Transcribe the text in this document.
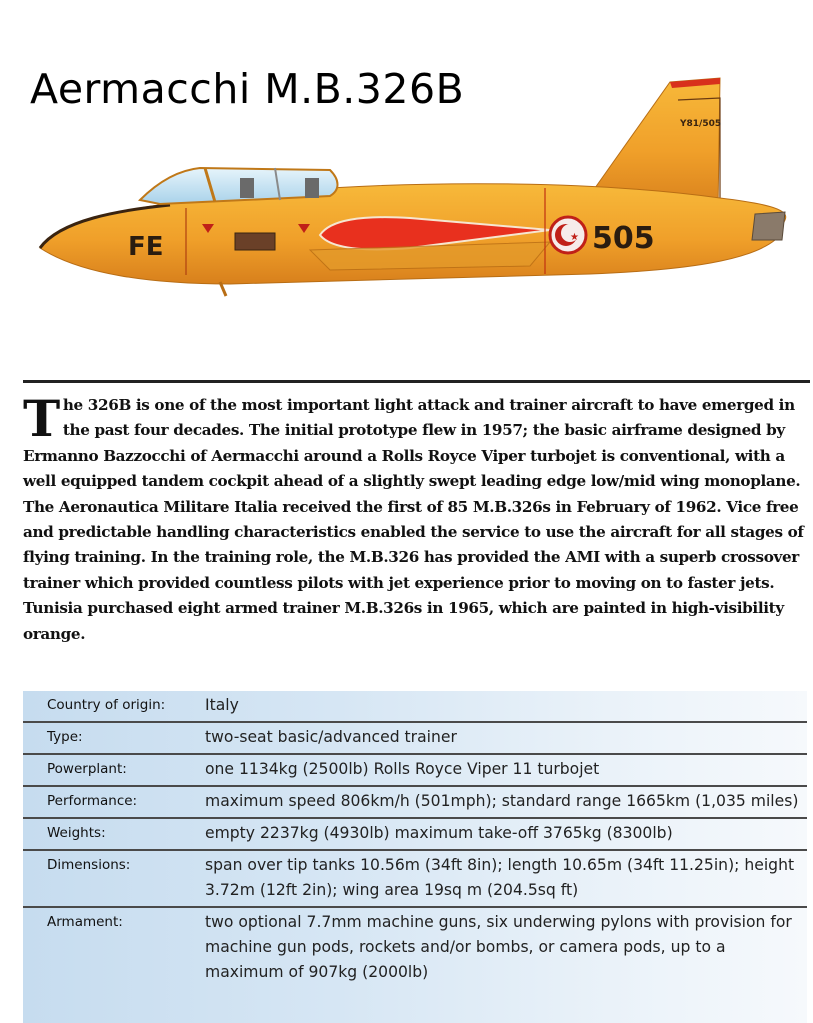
Aermacchi M.B.326B
Y81/505
FE	★ 505
The 326B is one of the most important light attack and trainer aircraft to have emerged in the past four decades. The initial prototype flew in 1957; the basic airframe designed by Ermanno Bazzocchi of Aermacchi around a Rolls Royce Viper turbojet is conventional, with a well equipped tandem cockpit ahead of a slightly swept leading edge low/mid wing monoplane. The Aeronautica Militare Italia received the first of 85 M.B.326s in February of 1962. Vice free and predictable handling characteristics enabled the service to use the aircraft for all stages of flying training. In the training role, the M.B.326 has provided the AMI with a superb crossover trainer which provided countless pilots with jet experience prior to moving on to faster jets. Tunisia purchased eight armed trainer M.B.326s in 1965, which are painted in high-visibility orange.
Country of origin:	Italy
Type:	two-seat basic/advanced trainer
Powerplant:	one 1134kg (2500lb) Rolls Royce Viper 11 turbojet
Performance:	maximum speed 806km/h (501mph); standard range 1665km (1,035 miles)
Weights:	empty 2237kg (4930lb) maximum take-off 3765kg (8300lb)
Dimensions:	span over tip tanks 10.56m (34ft 8in); length 10.65m (34ft 11.25in); height 3.72m (12ft 2in); wing area 19sq m (204.5sq ft)
Armament:	two optional 7.7mm machine guns, six underwing pylons with provision for machine gun pods, rockets and/or bombs, or camera pods, up to a maximum of 907kg (2000lb)
